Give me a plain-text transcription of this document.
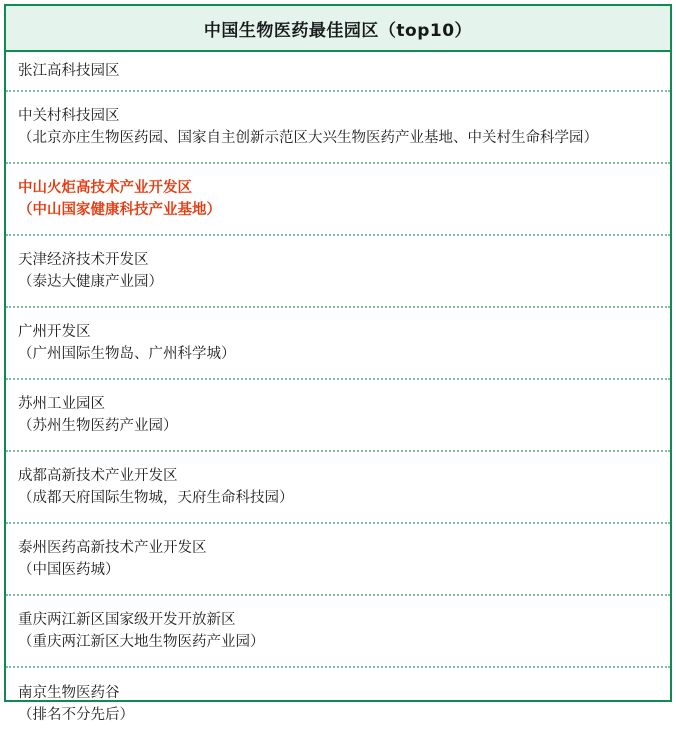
中国生物医药最佳园区（top10）
张江高科技园区
中关村科技园区
（北京亦庄生物医药园、国家自主创新示范区大兴生物医药产业基地、中关村生命科学园）
中山火炬高技术产业开发区
（中山国家健康科技产业基地）
天津经济技术开发区
（泰达大健康产业园）
广州开发区
（广州国际生物岛、广州科学城）
苏州工业园区
（苏州生物医药产业园）
成都高新技术产业开发区
（成都天府国际生物城，天府生命科技园）
泰州医药高新技术产业开发区
（中国医药城）
重庆两江新区国家级开发开放新区
（重庆两江新区大地生物医药产业园）
南京生物医药谷
（排名不分先后）
